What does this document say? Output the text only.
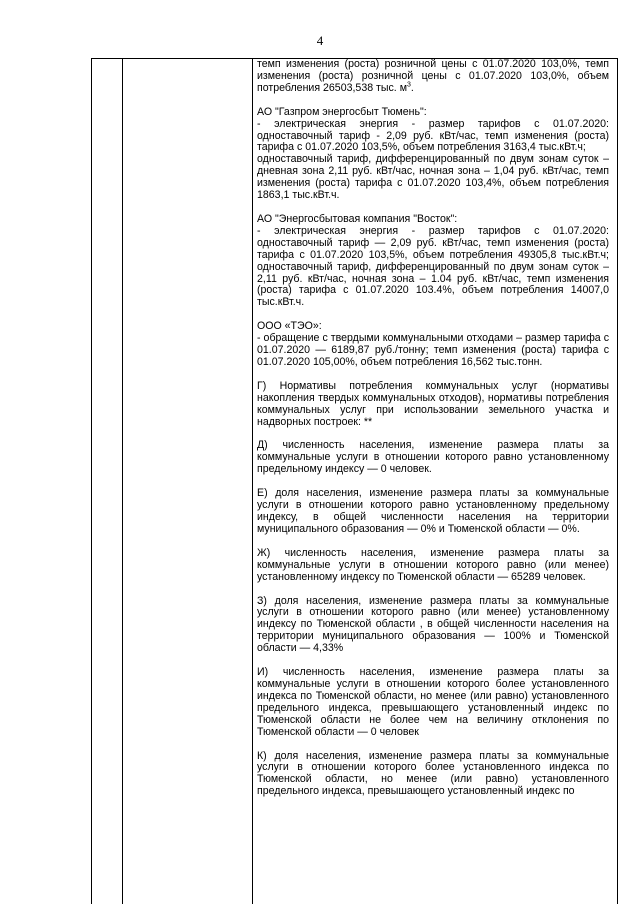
4

темп изменения (роста) розничной цены с 01.07.2020 103,0%, темп изменения (роста) розничной цены с 01.07.2020 103,0%, объем потребления 26503,538 тыс. $м^3$.

АО "Газпром энергосбыт Тюмень":

- электрическая энергия - размер тарифов с 01.07.2020: одноставочный тариф - 2,09 руб. кВт/час, темп изменения (роста) тарифа с 01.07.2020 103,5%, объем потребления 3163,4 тыс.кВт.ч;

одноставочный тариф, дифференцированный по двум зонам суток – дневная зона 2,11 руб. кВт/час, ночная зона – 1,04 руб. кВт/час, темп изменения (роста) тарифа с 01.07.2020 103,4%, объем потребления 1863,1 тыс.кВт.ч.

АО "Энергосбытовая компания "Восток":

- электрическая энергия - размер тарифов с 01.07.2020: одноставочный тариф — 2,09 руб. кВт/час, темп изменения (роста) тарифа с 01.07.2020 103,5%, объем потребления 49305,8 тыс.кВт.ч; одноставочный тариф, дифференцированный по двум зонам суток – 2,11 руб. кВт/час, ночная зона – 1.04 руб. кВт/час, темп изменения (роста) тарифа с 01.07.2020 103.4%, объем потребления 14007,0 тыс.кВт.ч.

ООО «ТЭО»:

- обращение с твердыми коммунальными отходами – размер тарифа с 01.07.2020 — 6189,87 руб./тонну; темп изменения (роста) тарифа с 01.07.2020 105,00%, объем потребления 16,562 тыс.тонн.

Г) Нормативы потребления коммунальных услуг (нормативы накопления твердых коммунальных отходов), нормативы потребления коммунальных услуг при использовании земельного участка и надворных построек: **

Д) численность населения, изменение размера платы за коммунальные услуги в отношении которого равно установленному предельному индексу — 0 человек.

Е) доля населения, изменение размера платы за коммунальные услуги в отношении которого равно установленному предельному индексу, в общей численности населения на территории муниципального образования — 0% и Тюменской области — 0%.

Ж) численность населения, изменение размера платы за коммунальные услуги в отношении которого равно (или менее) установленному индексу по Тюменской области — 65289 человек.

З) доля населения, изменение размера платы за коммунальные услуги в отношении которого равно (или менее) установленному индексу по Тюменской области , в общей численности населения на территории муниципального образования — 100% и Тюменской области — 4,33%

И) численность населения, изменение размера платы за коммунальные услуги в отношении которого более установленного индекса по Тюменской области, но менее (или равно) установленного предельного индекса, превышающего установленный индекс по Тюменской области не более чем на величину отклонения по Тюменской области — 0 человек

К) доля населения, изменение размера платы за коммунальные услуги в отношении которого более установленного индекса по Тюменской области, но менее (или равно) установленного предельного индекса, превышающего установленный индекс по
